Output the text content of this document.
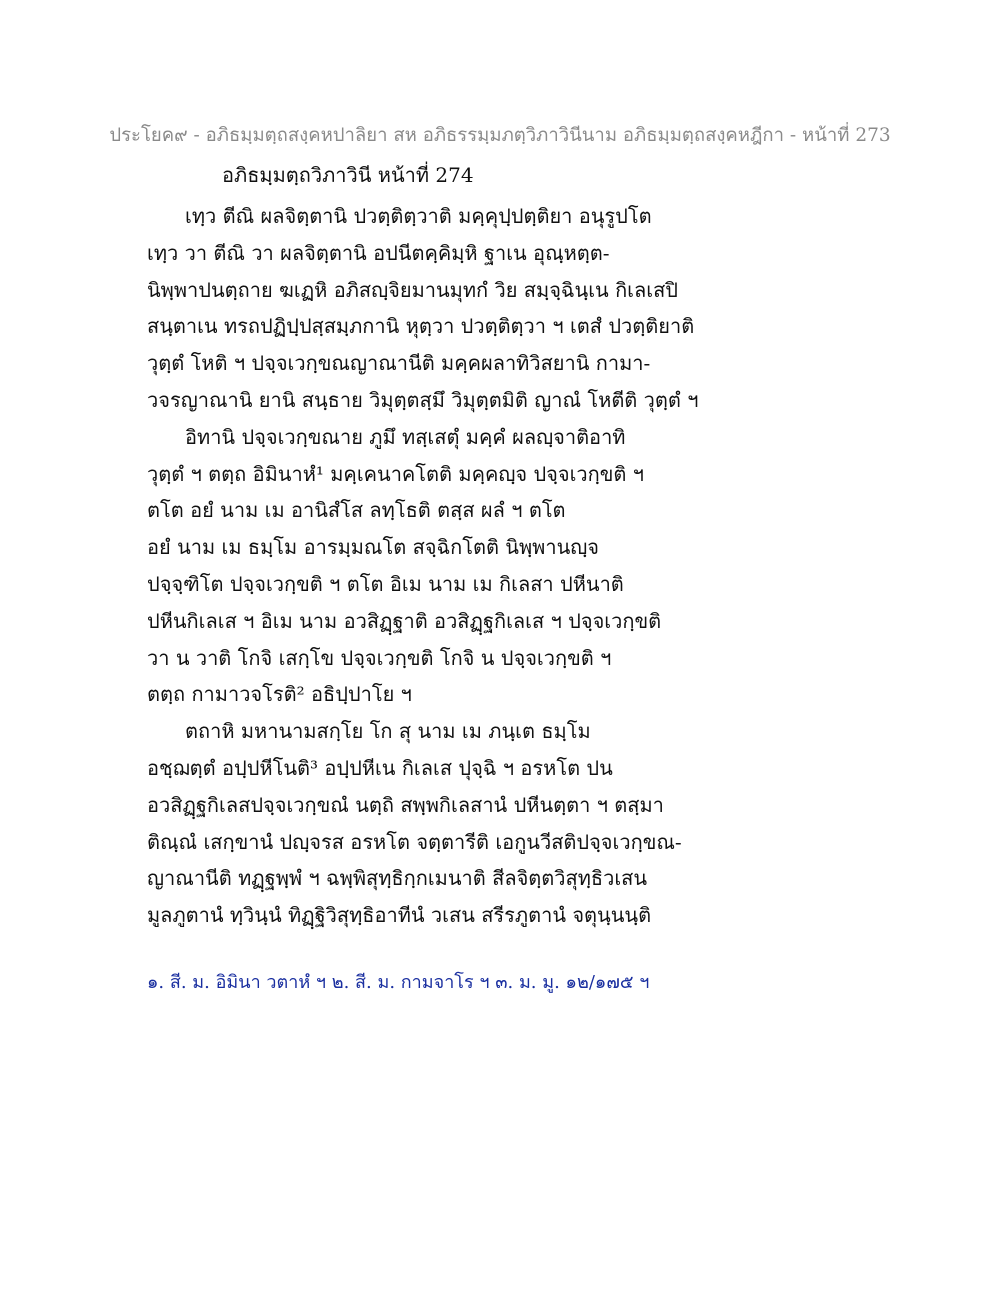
ประโยค๙ - อภิธมฺมตฺถสงฺคหปาลิยา สห อภิธรรมฺมภตฺวิภาวินีนาม อภิธมฺมตฺถสงฺคหฎีกา - หน้าที่ 273
อภิธมฺมตฺถวิภาวินี หน้าที่ 274
เทฺว ตีณิ ผลจิตฺตานิ ปวตฺติตฺวาติ มคฺคุปฺปตฺติยา อนุรูปโต
เทฺว วา ตีณิ วา ผลจิตฺตานิ อปนีตคฺคิมฺหิ ฐาเน อุณฺหตฺต-
นิพฺพาปนตฺถาย ฆเฏหิ อภิสญฺจิยมานมุทกํ วิย สมฺจฺฉินฺเน กิเลเสปิ
สนฺตาเน ทรถปฏิปฺปสฺสมฺภกานิ หุตฺวา ปวตฺติตฺวา ฯ เตสํ ปวตฺติยาติ
วุตฺตํ โหติ ฯ ปจฺจเวกฺขณญาณานีติ มคฺคผลาทิวิสยานิ กามา-
วจรญาณานิ ยานิ สนฺธาย วิมุตฺตสฺมึ วิมุตฺตมิติ ญาณํ โหตีติ วุตฺตํ ฯ
อิทานิ ปจฺจเวกฺขณาย ภูมึ ทสฺเสตุํ มคฺคํ ผลญฺจาติอาทิ
วุตฺตํ ฯ ตตฺถ อิมินาหํ¹ มคฺเคนาคโตติ มคฺคญฺจ ปจฺจเวกฺขติ ฯ
ตโต อยํ นาม เม อานิสํโส ลทฺโธติ ตสฺส ผลํ ฯ ตโต
อยํ นาม เม ธมฺโม อารมฺมณโต สจฺฉิกโตติ นิพฺพานญฺจ
ปจฺจฺฑิโต ปจฺจเวกฺขติ ฯ ตโต อิเม นาม เม กิเลสา ปหีนาติ
ปหีนกิเลเส ฯ อิเม นาม อวสิฏฺฐาติ อวสิฏฺฐกิเลเส ฯ ปจฺจเวกฺขติ
วา น วาติ โกจิ เสกฺโข ปจฺจเวกฺขติ โกจิ น ปจฺจเวกฺขติ ฯ
ตตฺถ กามาวจโรติ² อธิปฺปาโย ฯ
ตถาหิ มหานามสกฺโย โก สุ นาม เม ภนฺเต ธมฺโม
อชฺฌตฺตํ อปฺปหีโนติ³ อปฺปหีเน กิเลเส ปุจฺฉิ ฯ อรหโต ปน
อวสิฏฺฐกิเลสปจฺจเวกฺขณํ นตฺถิ สพฺพกิเลสานํ ปหีนตฺตา ฯ ตสฺมา
ติณฺณํ เสกฺขานํ ปญฺจรส อรหโต จตฺตารีติ เอกูนวีสติปจฺจเวกฺขณ-
ญาณานีติ ทฏฺฐพฺพํ ฯ ฉพฺพิสุทฺธิกฺกเมนาติ สีลจิตฺตวิสุทฺธิวเสน
มูลภูตานํ ทฺวินฺนํ ทิฏฺฐิวิสุทฺธิอาทีนํ วเสน สรีรภูตานํ จตุนฺนนฺติ
๑. สี. ม. อิมินา วตาหํ ฯ ๒. สี. ม. กามจาโร ฯ ๓. ม. มู. ๑๒/๑๗๕ ฯ
